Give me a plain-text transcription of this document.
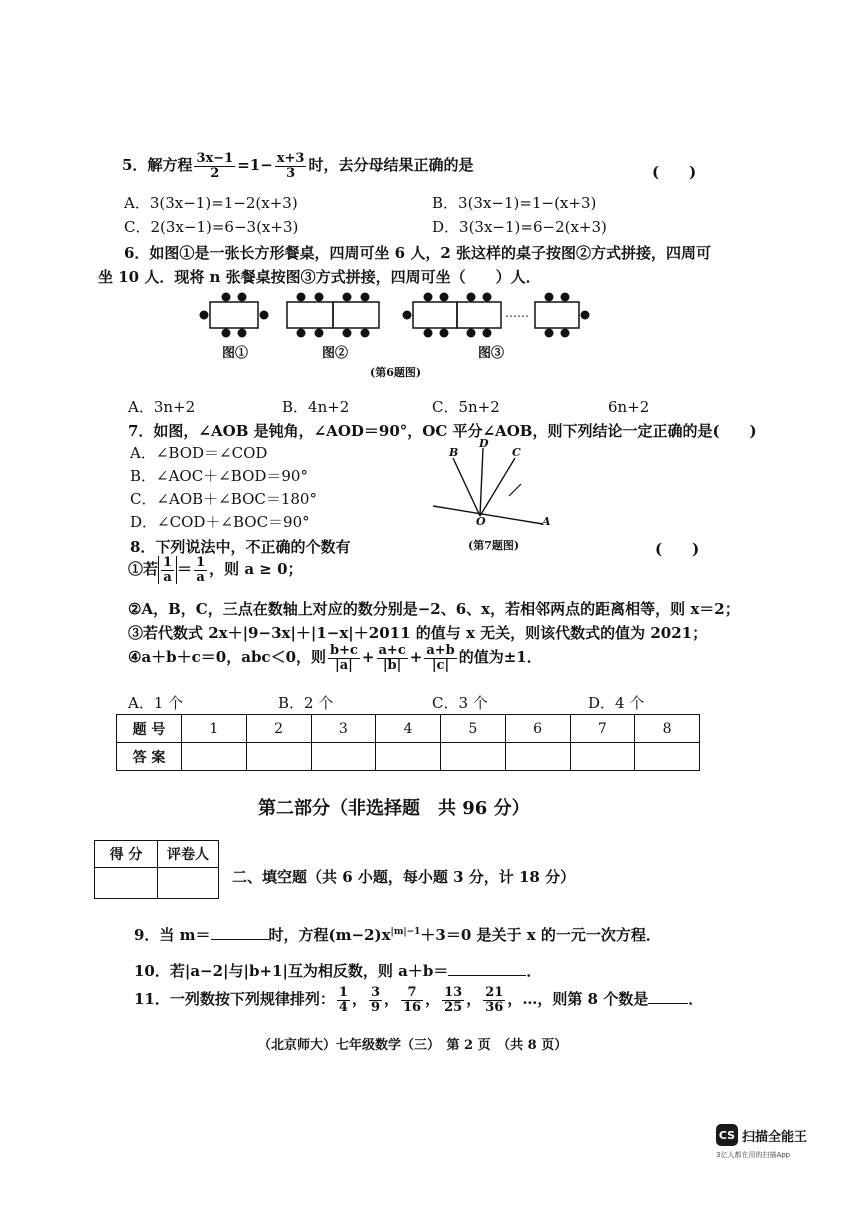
5．解方程 $\frac{3x-1}{2} =1- \frac{x+3}{3}$ 时，去分母结果正确的是	(　　)
A．3(3x−1)=1−2(x+3)	B．3(3x−1)=1−(x+3)
C．2(3x−1)=6−3(x+3)	D．3(3x−1)=6−2(x+3)
6．如图①是一张长方形餐桌，四周可坐 6 人，2 张这样的桌子按图②方式拼接，四周可
坐 10 人．现将 n 张餐桌按图③方式拼接，四周可坐（　　）人．
……
图①	图②	图③
(第6题图)
A．3n+2	B．4n+2	C．5n+2	6n+2
7．如图，∠AOB 是钝角，∠AOD＝90°，OC 平分∠AOB，则下列结论一定正确的是(　　)
A．∠BOD＝∠COD
B．∠AOC＋∠BOD＝90°
C．∠AOB＋∠BOC＝180°
D．∠COD＋∠BOC＝90°
B
D
C
O	A
(第7题图)
8．下列说法中，不正确的个数有	(　　)
①若 $\frac{1}{a} = \frac{1}{a}$ ，则 a ≥ 0；
②A，B，C，三点在数轴上对应的数分别是−2、6、x，若相邻两点的距离相等，则 x＝2；
③若代数式 2x＋|9−3x|＋|1−x|＋2011 的值与 x 无关，则该代数式的值为 2021；
④a＋b＋c＝0，abc＜0，则 $\frac{b+c}{|a|} + \frac{a+c}{|b|} + \frac{a+b}{|c|}$ 的值为±1．
A．1 个	B．2 个	C．3 个	D．4 个
题 号	1	2	3	4	5	6	7	8
答 案								
第二部分（非选择题　共 96 分）
得 分	评卷人

二、填空题（共 6 小题，每小题 3 分，计 18 分）
9．当 m＝	时，方程$(m-2)x^{|m|-1}+3=0$ 是关于 x 的一元一次方程．
10．若|a−2|与|b+1|互为相反数，则 a＋b＝	．
11．一列数按下列规律排列： $\frac{1}{4}$ ， $\frac{3}{9}$ ， $\frac{7}{16}$ ， $\frac{13}{25}$ ， $\frac{21}{36}$ ，…，则第 8 个数是	．
（北京师大）七年级数学（三）　第 2 页　（共 8 页）
CS 扫描全能王
3亿人都在用的扫描App
